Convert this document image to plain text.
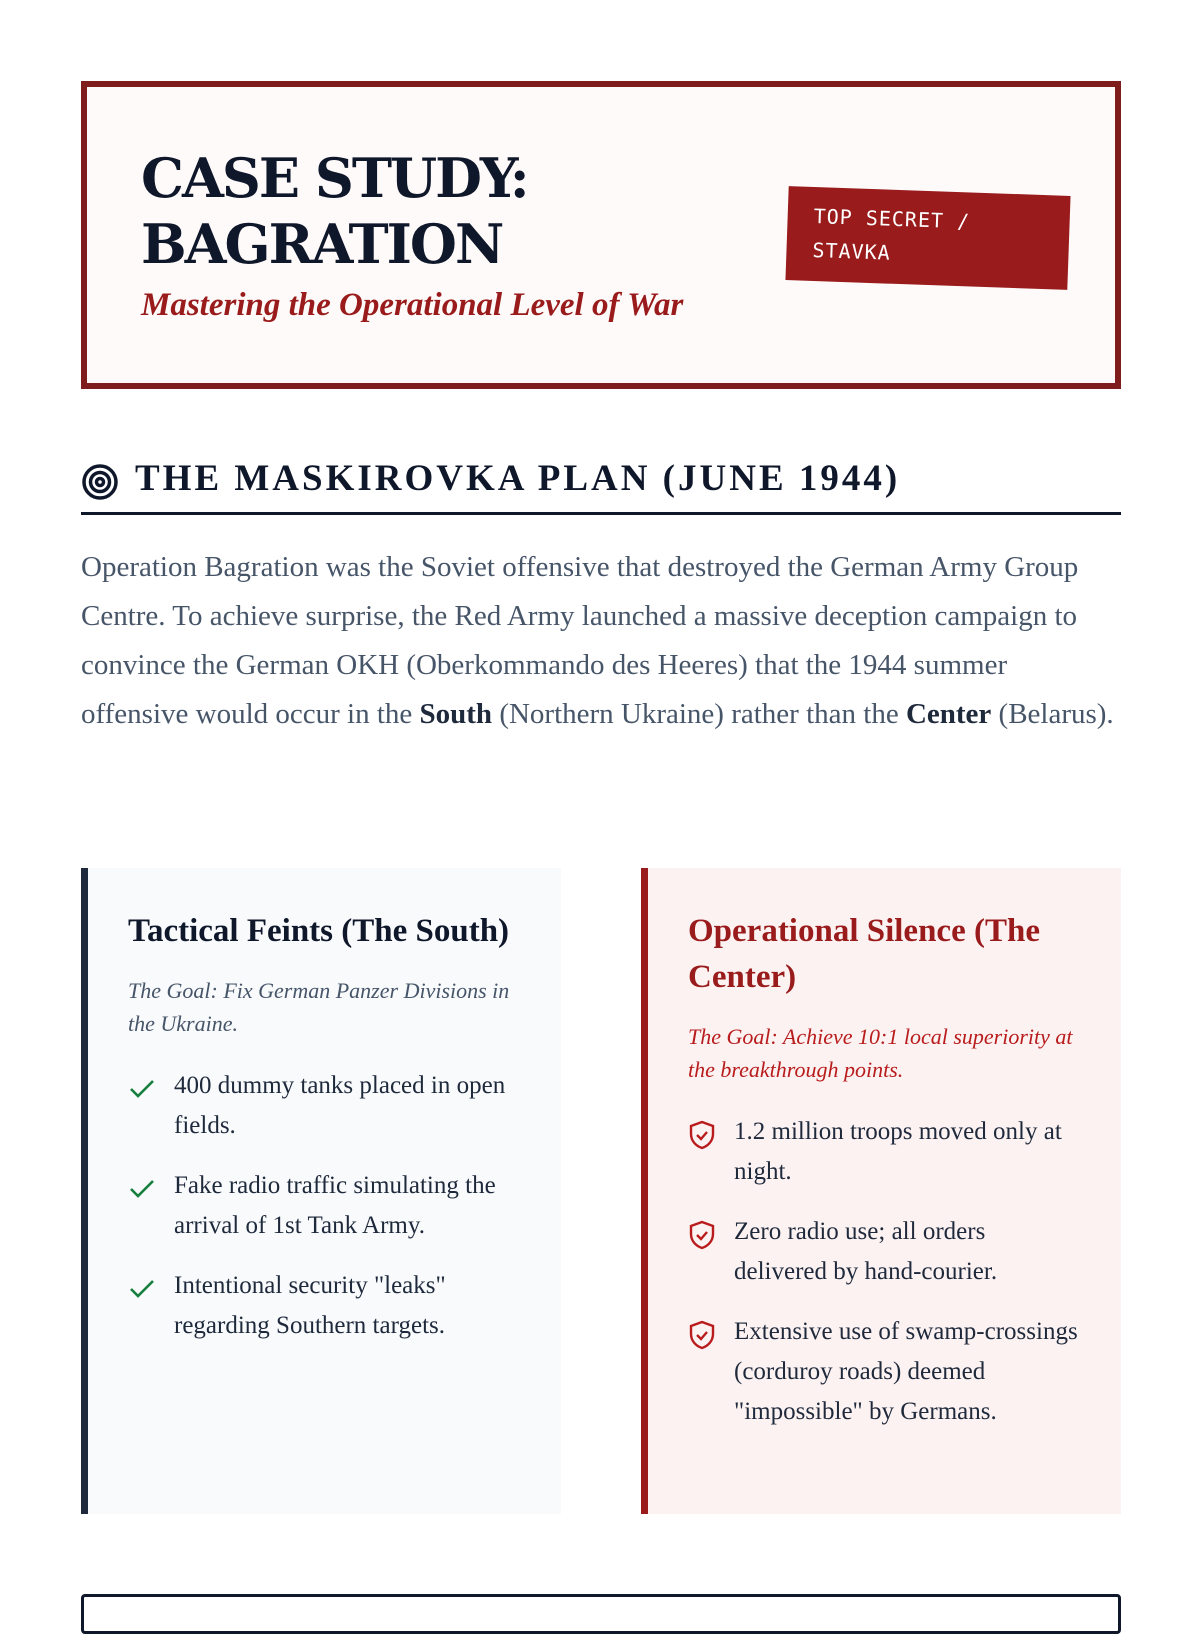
CASE STUDY: BAGRATION
Mastering the Operational Level of War
TOP SECRET / STAVKA
THE MASKIROVKA PLAN (JUNE 1944)

Operation Bagration was the Soviet offensive that destroyed the German Army Group Centre. To achieve surprise, the Red Army launched a massive deception campaign to convince the German OKH (Oberkommando des Heeres) that the 1944 summer offensive would occur in the South (Northern Ukraine) rather than the Center (Belarus).

Tactical Feints (The South)
The Goal: Fix German Panzer Divisions in the Ukraine.
400 dummy tanks placed in open fields.
Fake radio traffic simulating the arrival of 1st Tank Army.
Intentional security "leaks" regarding Southern targets.
Operational Silence (The Center)
The Goal: Achieve 10:1 local superiority at the breakthrough points.
1.2 million troops moved only at night.
Zero radio use; all orders delivered by hand-courier.
Extensive use of swamp-crossings (corduroy roads) deemed "impossible" by Germans.
